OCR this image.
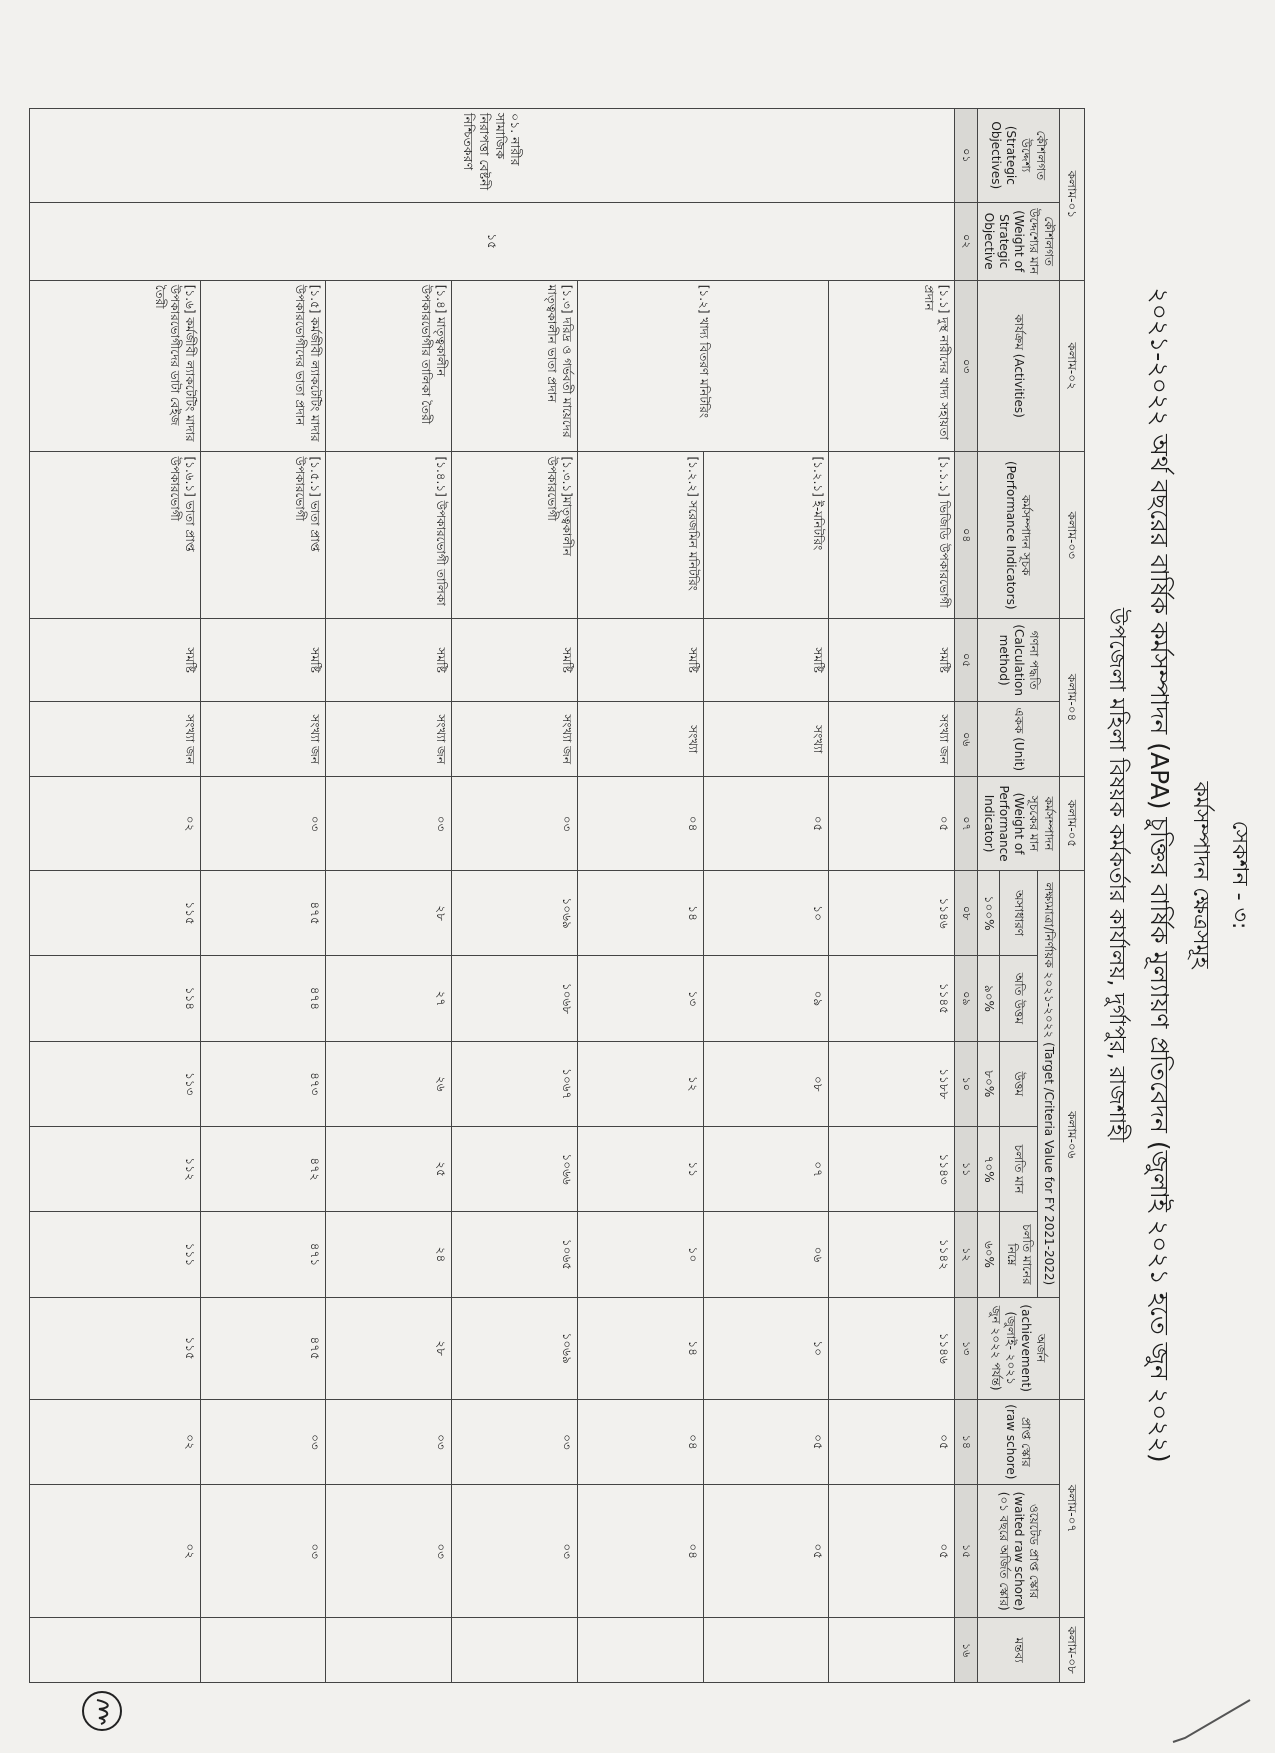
সেকশন - ৩:
কর্মসম্পাদন ক্ষেত্রসমূহ
২০২১-২০২২ অর্থ বছরের বার্ষিক কর্মসম্পাদন (APA) চুক্তির বার্ষিক মূল্যায়ণ প্রতিবেদন (জুলাই ২০২১ হতে জুন ২০২২)
উপজেলা মহিলা বিষয়ক কর্মকর্তার কার্যালয়, দুর্গাপুর, রাজশাহী
কলাম-০১		কলাম-০২	কলাম-০৩	কলাম-০৪		কলাম-০৫	কলাম-০৬						কলাম-০৭		কলাম-০৮
কৌশলগত উদ্দেশ্য (Strategic Objectives)	কৌশলগত উদ্দেশ্যের মান (Weight of Strategic Objective	কার্যক্রম (Activities)	কর্মসম্পাদন সূচক (Performance Indicators)	গণনা পদ্ধতি (Calculation method)	একক (Unit)	কর্মসম্পাদন সূচকের মান (Weight of Performance Indicator)	লক্ষ্যমাত্রা/নির্ণায়ক ২০২১-২০২২ (Target /Criteria Value for FY 2021-2022)					অর্জন (achievement) (জুলাই- ২০২১ জুন ২০২২ পর্যন্ত)	প্রাপ্ত স্কোর (raw schore)	ওয়েটেড প্রাপ্ত স্কোর (waited raw schore) (০১ বছরে অর্জিত স্কোর)	মন্তব্য
							অসাধারণ	অতি উত্তম	উত্তম	চলতি মান	চলতি মানের নিম্নে				
							১০০%	৯০%	৮০%	৭০%	৬০%				
০১	০২	০৩	০৪	০৫	০৬	০৭	০৮	০৯	১০	১১	১২	১৩	১৪	১৫	১৬
০১. নারীর সামাজিক নিরাপত্তা বেষ্টনী নিশ্চিতকরণ	১৫	[১.১] দুস্থ নারীদের খাদ্য সহায়তা প্রদান	[১.১.১] ভিজিডি উপকারভোগী	সমষ্টি	সংখ্যা জন	০৫	১১৪৬	১১৪৫	১১৮৮	১১৪৩	১১৪২	১১৪৬	০৫	০৫	
		[১.২] খাদ্য বিতরণ মনিটরিং	[১.২.১] ই-মনিটরিং	সমষ্টি	সংখ্যা	০৫	১০	০৯	০৮	০৭	০৬	১০	০৫	০৫	
			[১.২.২] সরেজমিন মনিটরিং	সমষ্টি	সংখ্যা	০৪	১৪	১৩	১২	১১	১০	১৪	০৪	০৪	
		[১.৩] দরিদ্র ও গর্ভবতী মায়েদের মাতৃত্বকালীন ভাতা প্রদান	[১.৩.১]মাতৃত্বকালীন উপকারভোগী	সমষ্টি	সংখ্যা জন	০৩	১০৬৯	১০৬৮	১০৬৭	১০৬৬	১০৬৫	১০৬৯	০৩	০৩	
		[১.৪] মাতৃত্বকালীন উপকারভোগীর তালিকা তৈরী	[১.৪.১] উপকারভোগী তালিকা	সমষ্টি	সংখ্যা জন	০৩	২৮	২৭	২৬	২৫	২৪	২৮	০৩	০৩	
		[১.৫] কর্মজীবী ল্যাকটেটিং মাদার উপকারভোগীদের ভাতা প্রদান	[১.৫.১] ভাতা প্রাপ্ত উপকারভোগী	সমষ্টি	সংখ্যা জন	০৩	৪৭৫	৪৭৪	৪৭৩	৪৭২	৪৭১	৪৭৫	০৩	০৩	
		[১.৬] কর্মজীবী ল্যাকটেটিং মাদার উপকারভোগীদের ডাটা বেইজ তৈরী	[১.৬.১] ভাতা প্রাপ্ত উপকারভোগী	সমষ্টি	সংখ্যা জন	০২	১১৫	১১৪	১১৩	১১২	১১১	১১৫	০২	০২	
